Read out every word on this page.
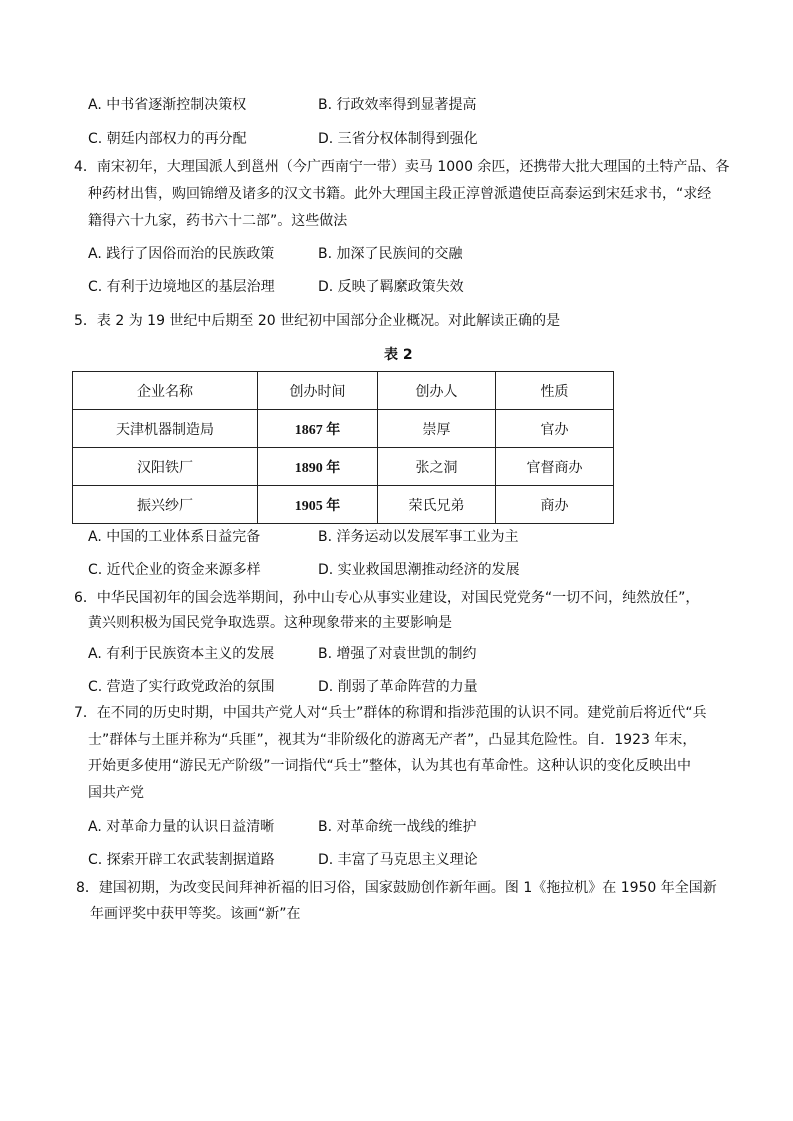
A. 中书省逐渐控制决策权	B. 行政效率得到显著提高
C. 朝廷内部权力的再分配	D. 三省分权体制得到强化
4．南宋初年，大理国派人到邕州（今广西南宁一带）卖马 1000 余匹，还携带大批大理国的土特产品、各
种药材出售，购回锦缯及诸多的汉文书籍。此外大理国主段正淳曾派遣使臣高泰运到宋廷求书，“求经
籍得六十九家，药书六十二部”。这些做法
A. 践行了因俗而治的民族政策	B. 加深了民族间的交融
C. 有利于边境地区的基层治理	D. 反映了羁縻政策失效
5．表 2 为 19 世纪中后期至 20 世纪初中国部分企业概况。对此解读正确的是
表 2
企业名称	创办时间	创办人	性质
天津机器制造局	1867 年	崇厚	官办
汉阳铁厂	1890 年	张之洞	官督商办
振兴纱厂	1905 年	荣氏兄弟	商办
A. 中国的工业体系日益完备	B. 洋务运动以发展军事工业为主
C. 近代企业的资金来源多样	D. 实业救国思潮推动经济的发展
6．中华民国初年的国会选举期间，孙中山专心从事实业建设，对国民党党务“一切不问，纯然放任”，
黄兴则积极为国民党争取选票。这种现象带来的主要影响是
A. 有利于民族资本主义的发展	B. 增强了对袁世凯的制约
C. 营造了实行政党政治的氛围	D. 削弱了革命阵营的力量
7．在不同的历史时期，中国共产党人对“兵士”群体的称谓和指涉范围的认识不同。建党前后将近代“兵
士”群体与土匪并称为“兵匪”，视其为“非阶级化的游离无产者”，凸显其危险性。自．1923 年末，
开始更多使用“游民无产阶级”一词指代“兵士”整体，认为其也有革命性。这种认识的变化反映出中
国共产党
A. 对革命力量的认识日益清晰	B. 对革命统一战线的维护
C. 探索开辟工农武装割据道路	D. 丰富了马克思主义理论
8．建国初期，为改变民间拜神祈福的旧习俗，国家鼓励创作新年画。图 1《拖拉机》在 1950 年全国新
年画评奖中获甲等奖。该画“新”在
